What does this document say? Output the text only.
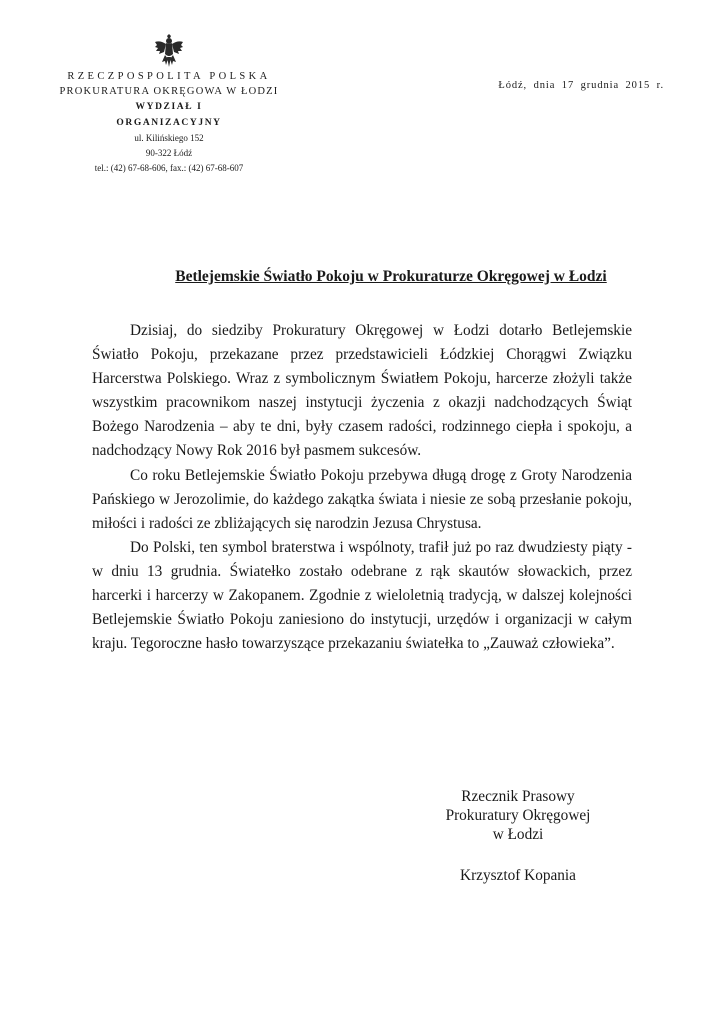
RZECZPOSPOLITA POLSKA
PROKURATURA OKRĘGOWA W ŁODZI
WYDZIAŁ I
ORGANIZACYJNY
ul. Kilińskiego 152
90-322 Łódź
tel.: (42) 67-68-606, fax.: (42) 67-68-607
Łódź, dnia 17 grudnia 2015 r.
Betlejemskie Światło Pokoju w Prokuraturze Okręgowej w Łodzi

Dzisiaj, do siedziby Prokuratury Okręgowej w Łodzi dotarło Betlejemskie Światło Pokoju, przekazane przez przedstawicieli Łódzkiej Chorągwi Związku Harcerstwa Polskiego. Wraz z symbolicznym Światłem Pokoju, harcerze złożyli także wszystkim pracownikom naszej instytucji życzenia z okazji nadchodzących Świąt Bożego Narodzenia – aby te dni, były czasem radości, rodzinnego ciepła i spokoju, a nadchodzący Nowy Rok 2016 był pasmem sukcesów.

Co roku Betlejemskie Światło Pokoju przebywa długą drogę z Groty Narodzenia Pańskiego w Jerozolimie, do każdego zakątka świata i niesie ze sobą przesłanie pokoju, miłości i radości ze zbliżających się narodzin Jezusa Chrystusa.

Do Polski, ten symbol braterstwa i wspólnoty, trafił już po raz dwudziesty piąty - w dniu 13 grudnia. Światełko zostało odebrane z rąk skautów słowackich, przez harcerki i harcerzy w Zakopanem. Zgodnie z wieloletnią tradycją, w dalszej kolejności Betlejemskie Światło Pokoju zaniesiono do instytucji, urzędów i organizacji w całym kraju. Tegoroczne hasło towarzyszące przekazaniu światełka to „Zauważ człowieka”.

Rzecznik Prasowy
Prokuratury Okręgowej
w Łodzi
Krzysztof Kopania
